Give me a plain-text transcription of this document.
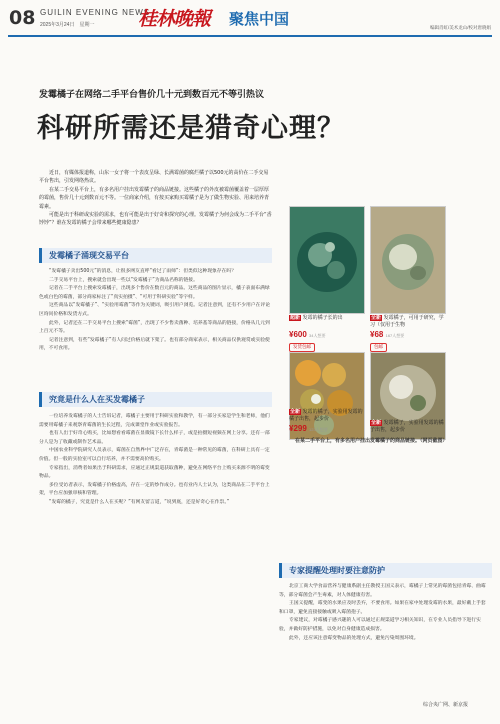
08 GUILIN EVENING NEWS
2025年3月24日　星期一 桂林晚報 聚焦中国	编辑肖虹/美术龙山/校对唐晓娟
发霉橘子在网络二手平台售价几十元到数百元不等引热议
科研所需还是猎奇心理？

近日，有媒体报道称，山东一女子将一个表皮呈绿、长满霉菌的腐烂橘子以500元的高价在二手交易平台售出，引发网络热议。

在某二手交易平台上，有多名用户挂出发霉橘子的商品链接。这些橘子的外皮被霉菌覆盖着一层厚厚的霉菌，售价几十元到数百元不等。一位商家介绍，有按买家购买霉橘子是为了做生物实验、用来培养青霉素。

可能是出于科研或实验的需求，也有可能是出于好奇和探究的心理。发霉橘子为何会成为二手平台“香饽饽”？谁在发霉的橘子会带来哪些健康隐患？

发霉橘子涌现交易平台

“发霉橘子卖出500元”的消息，让很多网友直呼“看过了雨师”：但类似这种现象存在吗？

二手交易平台上，搜索就会出现一些以“发霉橘子”为商品名称的链接。

记者在二手平台上搜索发霉橘子，出现多个售价在数百元的商品。这些商品的图片显示，橘子表面布满绿色或白色的霉菌，部分商家标注了“真实拍摄”、“可用于科研实验”等字样。

这些商品以“发霉橘子”、“实验用霉菌”等作为关键词，吸引用户浏览。记者注意到，还有不少用户在评论区询问价格和发货方式。

此外，记者还在二手交易平台上搜索“霉菌”，出现了不少售卖菌种、培养基等商品的链接，价格从几元到上百元不等。

记者注意到，有些“发霉橘子”有人问过价格后就下架了。也有部分商家表示，相关商品仅供观赏或实验使用，不可食用。

究竟是什么人在买发霉橘子

一位培养发霉橘子的人士告诉记者，霉橘子主要用于科研实验和教学，有一部分买家是学生和老师，他们需要用霉橘子来观察青霉菌的生长过程，完成课堂作业或实验报告。

也有人出于好奇心购买，比如想看看霉菌在显微镜下长什么样子，或是拍摄短视频在网上分享。还有一部分人是为了收藏或制作艺术品。

中国农业科学院研究人员表示，霉菌在自然界中广泛存在，青霉菌是一种常见的霉菌，在科研上具有一定价值。但一般的实验室可以自行培养，并不需要高价购买。

专家指出，消费者如果出于科研需求，应通过正规渠道获取菌种，避免在网络平台上购买来源不明的霉变物品。

多位受访者表示，发霉橘子价格虚高，存在一定的炒作成分。也有业内人士认为，这类商品在二手平台上架，平台应加强审核和管理。

“发霉的橘子，究竟是什么人在买呢？”有网友留言道，“说到底，还是好奇心在作祟。”

超新 发霉的橘子长的出
¥600 34人想要
发货包邮
全新 发霉橘子，可用于研究，学习（仅用于生物
¥68 167人想要
包邮
全新 发霉的橘子，实验用发霉的橘子出售，起步价
¥299 123人想要
全新 发霉橘子，实验用发霉的橘子出售，起步价
在某二手平台上，有多名用户挂出发霉橘子的商品链接。（网页截图）
专家提醒处理时要注意防护

北京工商大学食品营养与健康系副主任教授王国义表示，霉橘子上常见的霉菌包括青霉、曲霉等，部分霉菌会产生毒素，对人体健康有害。

王国义提醒，霉变的水果应及时丢弃，不要食用。如果在家中处理发霉的水果，最好戴上手套和口罩，避免直接接触或吸入霉菌孢子。

专家建议，对霉橘子感兴趣的人可以通过正规渠道学习相关知识，在专业人员指导下进行实验，并做好防护措施，以免对自身健康造成损害。

此外，还应该注意霉变物品的处理方式，避免污染周围环境。

综合央广网、新京报
